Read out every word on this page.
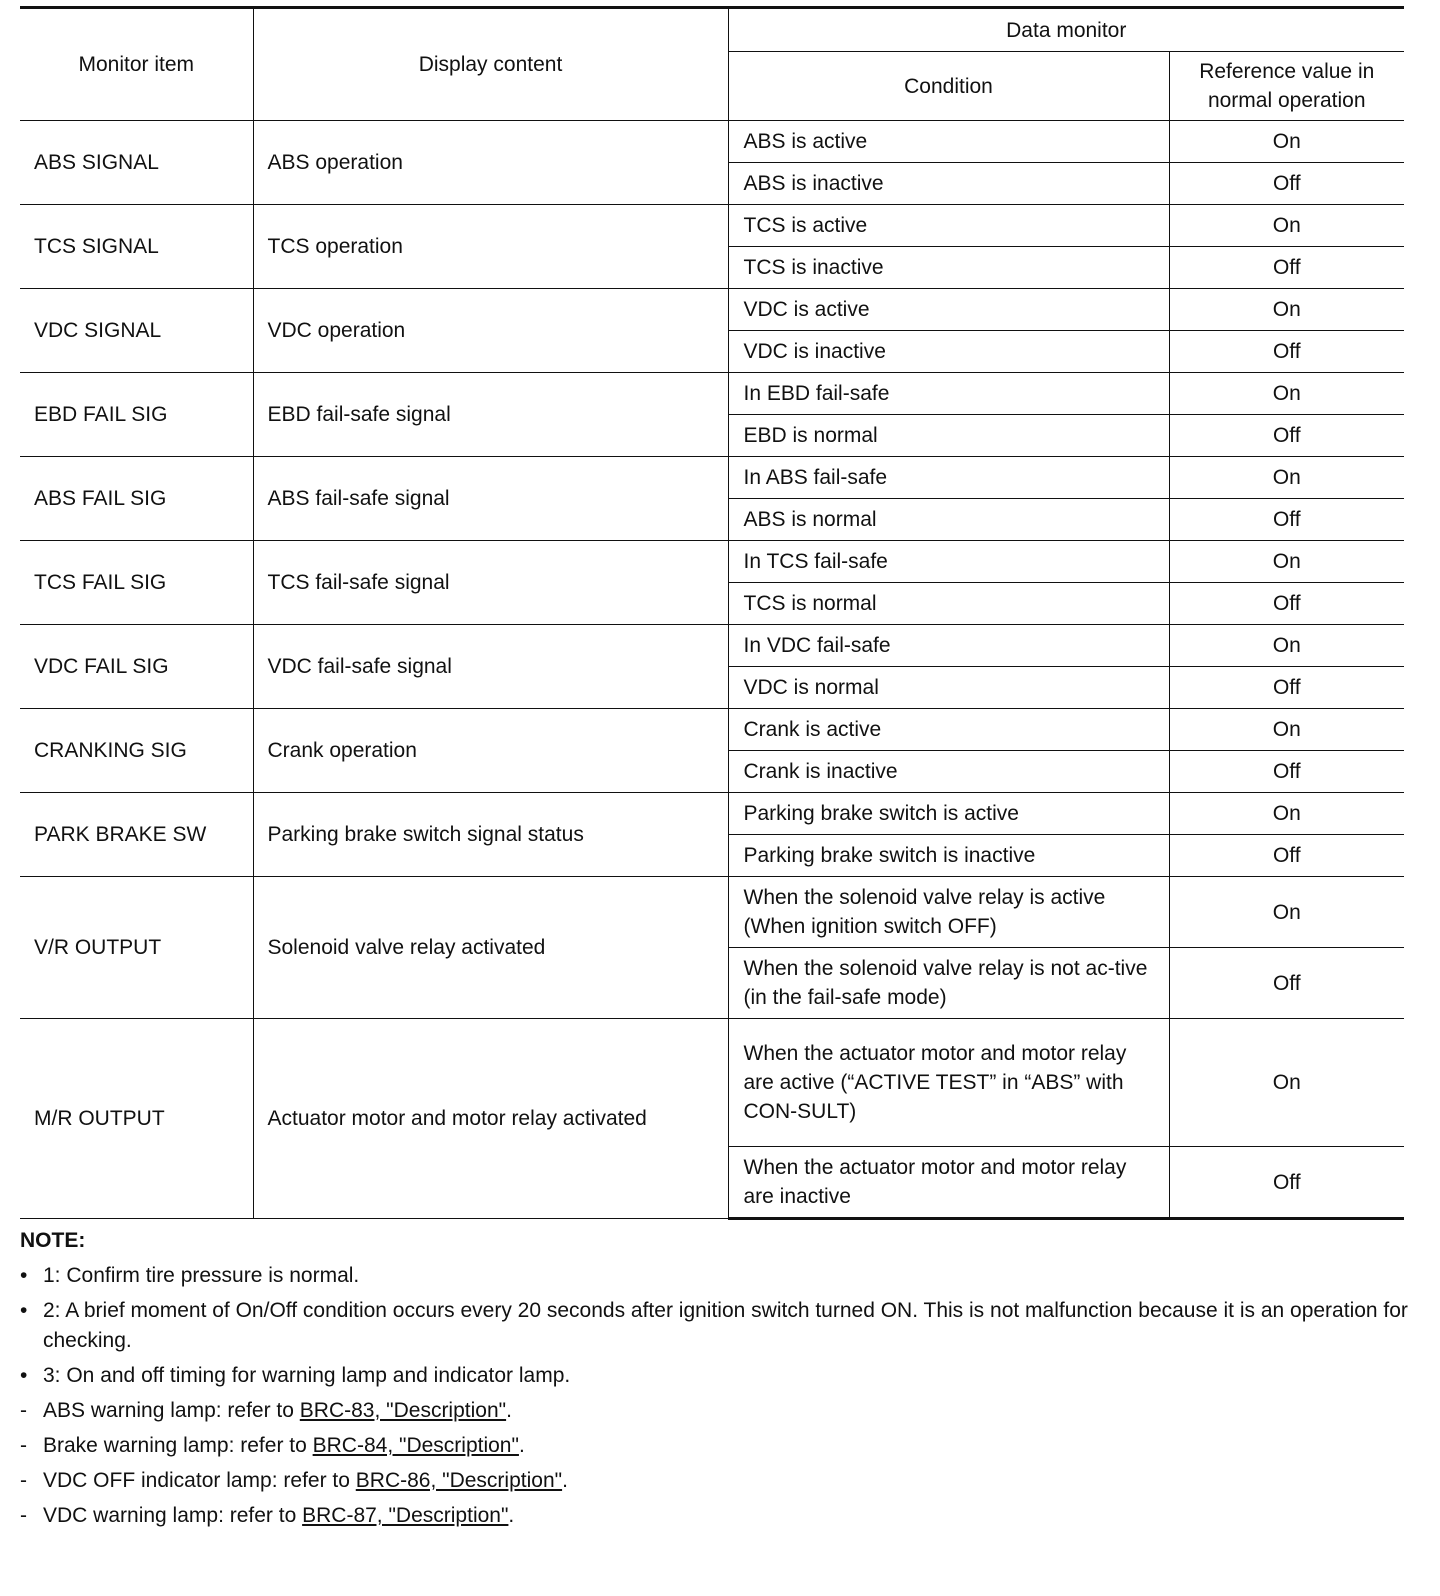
Monitor item	Display content	Data monitor	
		Condition	Reference value in normal operation
ABS SIGNAL	ABS operation	ABS is active	On
		ABS is inactive	Off
TCS SIGNAL	TCS operation	TCS is active	On
		TCS is inactive	Off
VDC SIGNAL	VDC operation	VDC is active	On
		VDC is inactive	Off
EBD FAIL SIG	EBD fail-safe signal	In EBD fail-safe	On
		EBD is normal	Off
ABS FAIL SIG	ABS fail-safe signal	In ABS fail-safe	On
		ABS is normal	Off
TCS FAIL SIG	TCS fail-safe signal	In TCS fail-safe	On
		TCS is normal	Off
VDC FAIL SIG	VDC fail-safe signal	In VDC fail-safe	On
		VDC is normal	Off
CRANKING SIG	Crank operation	Crank is active	On
		Crank is inactive	Off
PARK BRAKE SW	Parking brake switch signal status	Parking brake switch is active	On
		Parking brake switch is inactive	Off
V/R OUTPUT	Solenoid valve relay activated	When the solenoid valve relay is active (When ignition switch OFF)	On
		When the solenoid valve relay is not ac-tive (in the fail-safe mode)	Off
M/R OUTPUT	Actuator motor and motor relay activated	When the actuator motor and motor relay are active (“ACTIVE TEST” in “ABS” with CON-SULT)	On
		When the actuator motor and motor relay are inactive	Off
NOTE:
• 1: Confirm tire pressure is normal.
• 2: A brief moment of On/Off condition occurs every 20 seconds after ignition switch turned ON. This is not malfunction because it is an operation for checking.
• 3: On and off timing for warning lamp and indicator lamp.
- ABS warning lamp: refer to BRC-83, "Description".
- Brake warning lamp: refer to BRC-84, "Description".
- VDC OFF indicator lamp: refer to BRC-86, "Description".
- VDC warning lamp: refer to BRC-87, "Description".
